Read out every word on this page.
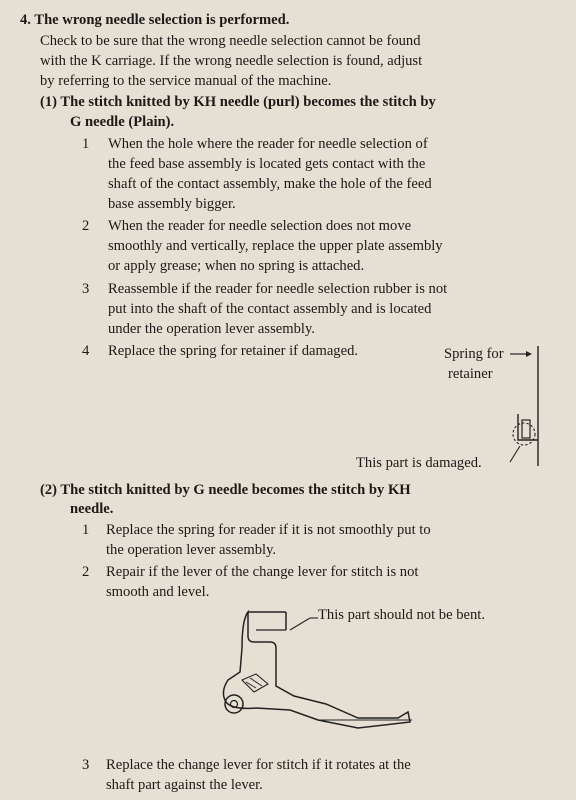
4. The wrong needle selection is performed.
Check to be sure that the wrong needle selection cannot be found
with the K carriage. If the wrong needle selection is found, adjust
by referring to the service manual of the machine.
(1) The stitch knitted by KH needle (purl) becomes the stitch by
G needle (Plain).
1 When the hole where the reader for needle selection of
the feed base assembly is located gets contact with the
shaft of the contact assembly, make the hole of the feed
base assembly bigger.
2 When the reader for needle selection does not move
smoothly and vertically, replace the upper plate assembly
or apply grease; when no spring is attached.
3 Reassemble if the reader for needle selection rubber is not
put into the shaft of the contact assembly and is located
under the operation lever assembly.
4 Replace the spring for retainer if damaged.	Spring for
retainer
This part is damaged.
(2) The stitch knitted by G needle becomes the stitch by KH
needle.
1 Replace the spring for reader if it is not smoothly put to
the operation lever assembly.
2 Repair if the lever of the change lever for stitch is not
smooth and level.
This part should not be bent.
3 Replace the change lever for stitch if it rotates at the
shaft part against the lever.
